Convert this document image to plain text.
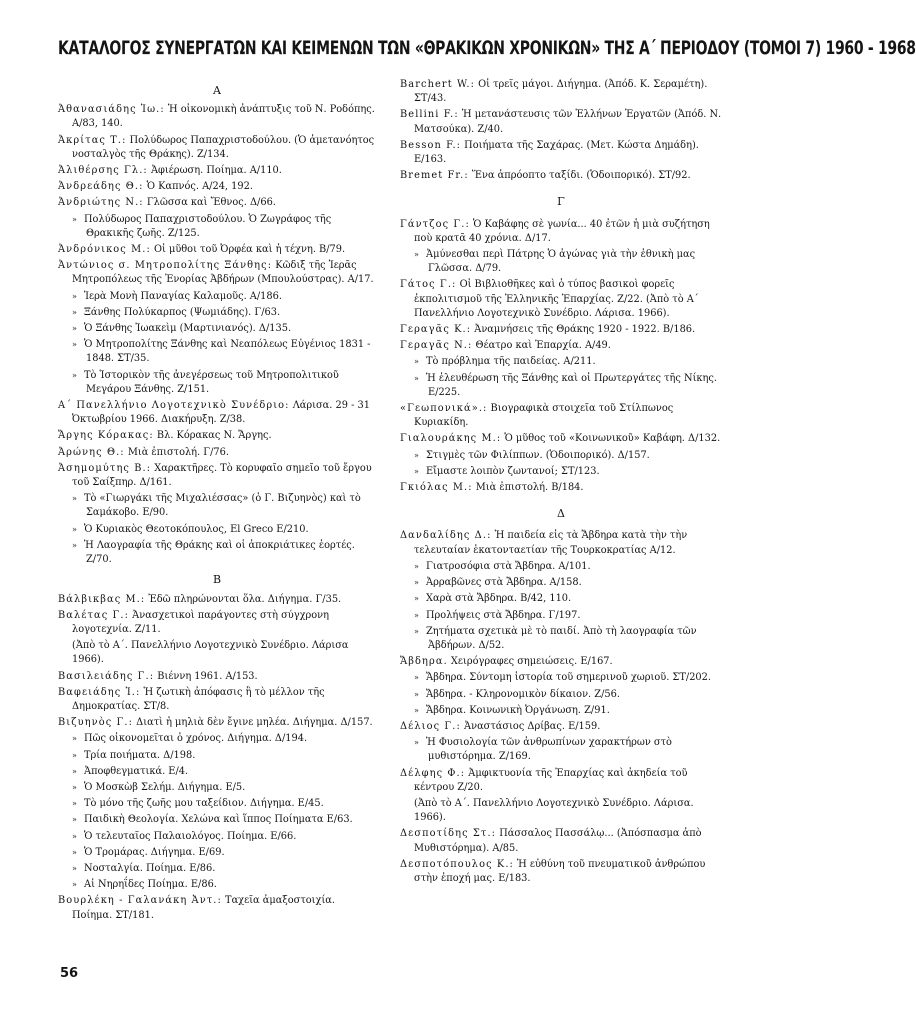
ΚΑΤΑΛΟΓΟΣ ΣΥΝΕΡΓΑΤΩΝ ΚΑΙ ΚΕΙΜΕΝΩΝ ΤΩΝ «ΘΡΑΚΙΚΩΝ ΧΡΟΝΙΚΩΝ» ΤΗΣ Α΄ ΠΕΡΙΟΔΟΥ (ΤΟΜΟΙ 7) 1960 - 1968
Α
Ἀθανασιάδης Ἰω.: Ἡ οἰκονομικὴ ἀνάπτυξις τοῦ Ν. Ροδόπης. Α/83, 140.
Ἀκρίτας Τ.: Πολύδωρος Παπαχριστοδούλου. (Ὁ ἀμετανόητος νοσταλγὸς τῆς Θράκης). Ζ/134.
Ἀλιθέρσης Γλ.: Ἀφιέρωση. Ποίημα. Α/110.
Ἀνδρεάδης Θ.: Ὁ Καπνός. Α/24, 192.
Ἀνδριώτης Ν.: Γλῶσσα καὶ Ἔθνος. Δ/66.
» Πολύδωρος Παπαχριστοδούλου. Ὁ Ζωγράφος τῆς Θρακικῆς ζωῆς. Ζ/125.
Ἀνδρόνικος Μ.: Οἱ μῦθοι τοῦ Ὀρφέα καὶ ἡ τέχνη. Β/79.
Ἀντώνιος σ. Μητροπολίτης Ξάνθης: Κῶδιξ τῆς Ἱερᾶς Μητροπόλεως τῆς Ἐνορίας Ἀβδήρων (Μπουλούστρας). Α/17.
» Ἱερὰ Μονὴ Παναγίας Καλαμοῦς. Α/186.
» Ξάνθης Πολύκαρπος (Ψωμιάδης). Γ/63.
» Ὁ Ξάνθης Ἰωακεὶμ (Μαρτινιανός). Δ/135.
» Ὁ Μητροπολίτης Ξάνθης καὶ Νεαπόλεως Εὐγένιος 1831 - 1848. ΣΤ/35.
» Τὸ Ἱστορικὸν τῆς ἀνεγέρσεως τοῦ Μητροπολιτικοῦ Μεγάρου Ξάνθης. Ζ/151.
Α΄ Πανελλήνιο Λογοτεχνικὸ Συνέδριο: Λάρισα. 29 - 31 Ὀκτωβρίου 1966. Διακήρυξη. Ζ/38.
Ἄργης Κόρακας: Βλ. Κόρακας Ν. Ἄργης.
Ἀρώνης Θ.: Μιὰ ἐπιστολή. Γ/76.
Ἀσημομύτης Β.: Χαρακτῆρες. Τὸ κορυφαῖο σημεῖο τοῦ ἔργου τοῦ Σαίξπηρ. Δ/161.
» Τὸ «Γιωργάκι τῆς Μιχαλιέσσας» (ὁ Γ. Βιζυηνὸς) καὶ τὸ Σαμάκοβο. Ε/90.
» Ὁ Κυριακὸς Θεοτοκόπουλος, El Greco Ε/210.
» Ἡ Λαογραφία τῆς Θράκης καὶ οἱ ἀποκριάτικες ἑορτές. Ζ/70.
Β
Βάλβικβας Μ.: Ἐδῶ πληρώνονται ὅλα. Διήγημα. Γ/35.
Βαλέτας Γ.: Ἀνασχετικοὶ παράγοντες στὴ σύγχρονη λογοτεχνία. Ζ/11.
(Ἀπὸ τὸ Α΄. Πανελλήνιο Λογοτεχνικὸ Συνέδριο. Λάρισα 1966).
Βασιλειάδης Γ.: Βιέννη 1961. Α/153.
Βαφειάδης Ἰ.: Ἡ ζωτικὴ ἀπόφασις ἢ τὸ μέλλον τῆς Δημοκρατίας. ΣΤ/8.
Βιζυηνὸς Γ.: Διατὶ ἡ μηλιὰ δὲν ἔγινε μηλέα. Διήγημα. Δ/157.
» Πῶς οἰκονομεῖται ὁ χρόνος. Διήγημα. Δ/194.
» Τρία ποιήματα. Δ/198.
» Ἀποφθεγματικά. Ε/4.
» Ὁ Μοσκὼβ Σελήμ. Διήγημα. Ε/5.
» Τὸ μόνο τῆς ζωῆς μου ταξείδιον. Διήγημα. Ε/45.
» Παιδικὴ Θεολογία. Χελώνα καὶ ἵππος Ποίηματα Ε/63.
» Ὁ τελευταῖος Παλαιολόγος. Ποίημα. Ε/66.
» Ὁ Τρομάρας. Διήγημα. Ε/69.
» Νοσταλγία. Ποίημα. Ε/86.
» Αἱ Νηρηΐδες Ποίημα. Ε/86.
Βουρλέκη - Γαλανάκη Ἀντ.: Ταχεῖα ἀμαξοστοιχία. Ποίημα. ΣΤ/181.
Barchert W.: Οἱ τρεῖς μάγοι. Διήγημα. (Ἀπόδ. Κ. Σεραμέτη). ΣΤ/43.
Bellini F.: Ἡ μετανάστευσις τῶν Ἑλλήνων Ἐργατῶν (Ἀπόδ. Ν. Ματσούκα). Ζ/40.
Besson F.: Ποιήματα τῆς Σαχάρας. (Μετ. Κώστα Δημάδη). Ε/163.
Bremet Fr.: Ἕνα ἀπρόοπτο ταξίδι. (Ὁδοιπορικό). ΣΤ/92.
Γ
Γάντζος Γ.: Ὁ Καβάφης σὲ γωνία... 40 ἐτῶν ἡ μιὰ συζήτηση ποὺ κρατᾶ 40 χρόνια. Δ/17.
» Ἀμύνεσθαι περὶ Πάτρης Ὁ ἀγώνας γιὰ τὴν ἐθνικὴ μας Γλῶσσα. Δ/79.
Γάτος Γ.: Οἱ Βιβλιοθῆκες καὶ ὁ τύπος βασικοὶ φορεῖς ἐκπολιτισμοῦ τῆς Ἑλληνικῆς Ἐπαρχίας. Ζ/22. (Ἀπὸ τὸ Α΄ Πανελλήνιο Λογοτεχνικὸ Συνέδριο. Λάρισα. 1966).
Γεραγᾶς Κ.: Ἀναμνήσεις τῆς Θράκης 1920 - 1922. Β/186.
Γεραγᾶς Ν.: Θέατρο καὶ Ἐπαρχία. Α/49.
» Τὸ πρόβλημα τῆς παιδείας. Α/211.
» Ἡ ἐλευθέρωση τῆς Ξάνθης καὶ οἱ Πρωτεργάτες τῆς Νίκης. Ε/225.
«Γεωπονικά».: Βιογραφικὰ στοιχεῖα τοῦ Στίλπωνος Κυριακίδη.
Γιαλουράκης Μ.: Ὁ μῦθος τοῦ «Κοινωνικοῦ» Καβάφη. Δ/132.
» Στιγμὲς τῶν Φιλίππων. (Ὁδοιπορικό). Δ/157.
» Εἴμαστε λοιπὸν ζωντανοί; ΣΤ/123.
Γκιόλας Μ.: Μιὰ ἐπιστολή. Β/184.
Δ
Δανδαλίδης Δ.: Ἡ παιδεία εἰς τὰ Ἄβδηρα κατὰ τὴν τὴν τελευταίαν ἑκατονταετίαν τῆς Τουρκοκρατίας Α/12.
» Γιατροσόφια στὰ Ἄβδηρα. Α/101.
» Ἀρραβῶνες στὰ Ἄβδηρα. Α/158.
» Χαρὰ στὰ Ἄβδηρα. Β/42, 110.
» Προλήψεις στὰ Ἄβδηρα. Γ/197.
» Ζητήματα σχετικὰ μὲ τὸ παιδί. Ἀπὸ τὴ λαογραφία τῶν Ἀβδήρων. Δ/52.
Ἄβδηρα. Χειρόγραφες σημειώσεις. Ε/167.
» Ἄβδηρα. Σύντομη ἱστορία τοῦ σημερινοῦ χωριοῦ. ΣΤ/202.
» Ἄβδηρα. - Κληρονομικὸν δίκαιον. Ζ/56.
» Ἄβδηρα. Κοινωνικὴ Ὀργάνωση. Ζ/91.
Δέλιος Γ.: Ἀναστάσιος Δρίβας. Ε/159.
» Ἡ Φυσιολογία τῶν ἀνθρωπίνων χαρακτήρων στὸ μυθιστόρημα. Ζ/169.
Δέλφης Φ.: Ἀμφικτυονία τῆς Ἐπαρχίας καὶ ἀκηδεία τοῦ κέντρου Ζ/20.
(Ἀπὸ τὸ Α΄. Πανελλήνιο Λογοτεχνικὸ Συνέδριο. Λάρισα. 1966).
Δεσποτίδης Στ.: Πάσσαλος Πασσάλῳ... (Ἀπόσπασμα ἀπὸ Μυθιστόρημα). Α/85.
Δεσποτόπουλος Κ.: Ἡ εὐθύνη τοῦ πνευματικοῦ ἀνθρώπου στὴν ἐποχή μας. Ε/183.
56
